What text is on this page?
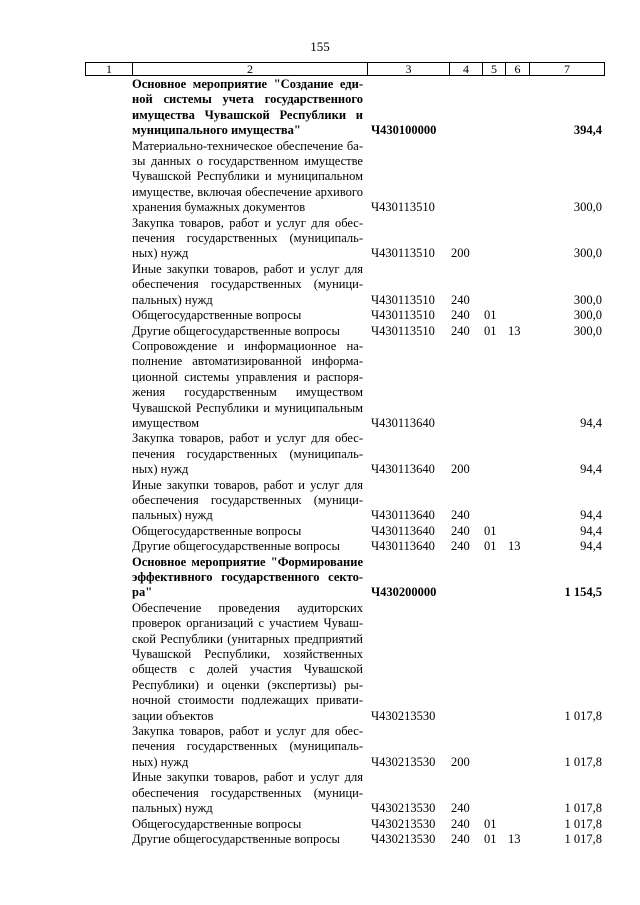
155
1	2	3	4	5	6	7
Основное мероприятие "Создание единой системы учета государственного имущества Чувашской Республики и муниципального имущества"	Ч430100000	394,4
Материально-техническое обеспечение базы данных о государственном имуществе Чувашской Республики и муниципальном имуществе, включая обеспечение архивого хранения бумажных документов	Ч430113510	300,0
Закупка товаров, работ и услуг для обеспечения государственных (муниципальных) нужд	Ч430113510 200	300,0
Иные закупки товаров, работ и услуг для обеспечения государственных (муниципальных) нужд	Ч430113510 240	300,0
Общегосударственные вопросы	Ч430113510 240 01	300,0
Другие общегосударственные вопросы	Ч430113510 240 01 13	300,0
Сопровождение и информационное наполнение автоматизированной информационной системы управления и распоряжения государственным имуществом Чувашской Республики и муниципальным имуществом	Ч430113640	94,4
Закупка товаров, работ и услуг для обеспечения государственных (муниципальных) нужд	Ч430113640 200	94,4
Иные закупки товаров, работ и услуг для обеспечения государственных (муниципальных) нужд	Ч430113640 240	94,4
Общегосударственные вопросы	Ч430113640 240 01	94,4
Другие общегосударственные вопросы	Ч430113640 240 01 13	94,4
Основное мероприятие "Формирование эффективного государственного сектора"	Ч430200000	1 154,5
Обеспечение проведения аудиторских проверок организаций с участием Чувашской Республики (унитарных предприятий Чувашской Республики, хозяйственных обществ с долей участия Чувашской Республики) и оценки (экспертизы) рыночной стоимости подлежащих приватизации объектов	Ч430213530	1 017,8
Закупка товаров, работ и услуг для обеспечения государственных (муниципальных) нужд	Ч430213530 200	1 017,8
Иные закупки товаров, работ и услуг для обеспечения государственных (муниципальных) нужд	Ч430213530 240	1 017,8
Общегосударственные вопросы	Ч430213530 240 01	1 017,8
Другие общегосударственные вопросы	Ч430213530 240 01 13	1 017,8
